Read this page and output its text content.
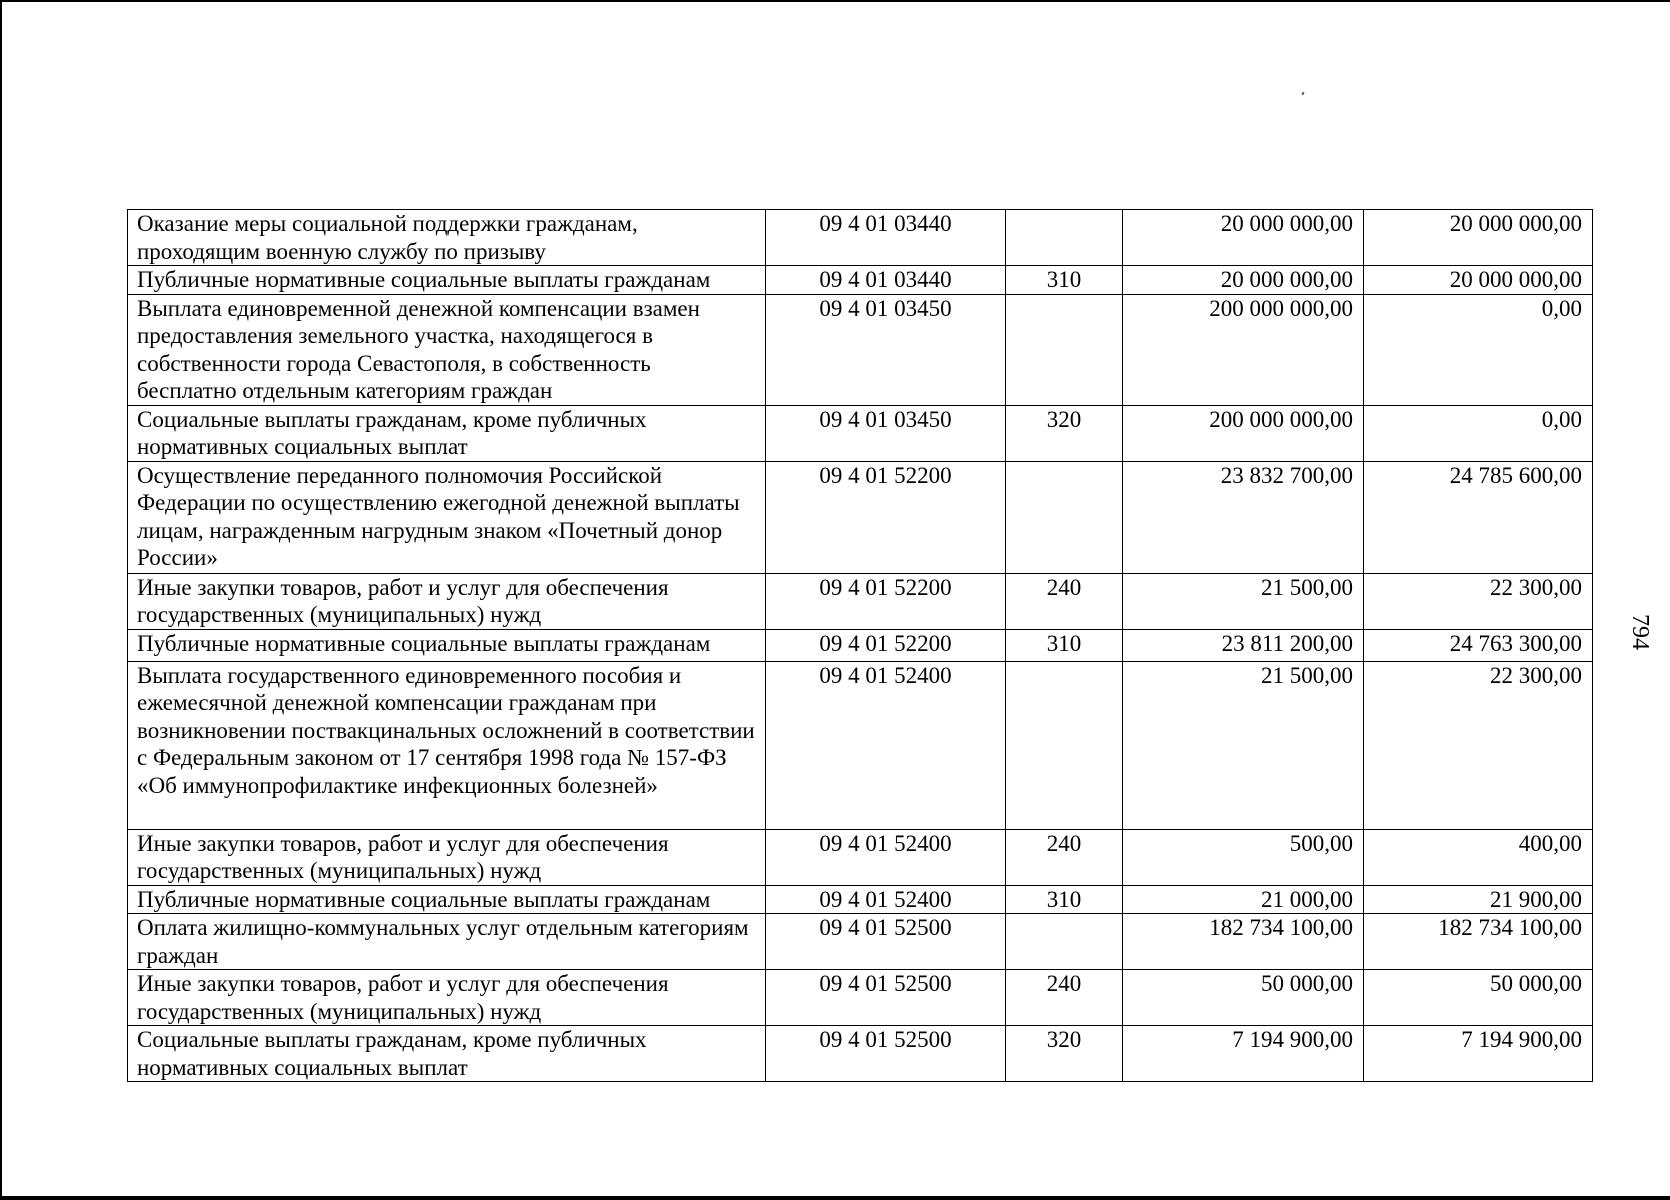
Оказание меры социальной поддержки гражданам, проходящим военную службу по призыву	09 4 01 03440		20 000 000,00	20 000 000,00
Публичные нормативные социальные выплаты гражданам	09 4 01 03440	310	20 000 000,00	20 000 000,00
Выплата единовременной денежной компенсации взамен предоставления земельного участка, находящегося в собственности города Севастополя, в собственность бесплатно отдельным категориям граждан	09 4 01 03450		200 000 000,00	0,00
Социальные выплаты гражданам, кроме публичных нормативных социальных выплат	09 4 01 03450	320	200 000 000,00	0,00
Осуществление переданного полномочия Российской Федерации по осуществлению ежегодной денежной выплаты лицам, награжденным нагрудным знаком «Почетный донор России»	09 4 01 52200		23 832 700,00	24 785 600,00
Иные закупки товаров, работ и услуг для обеспечения государственных (муниципальных) нужд	09 4 01 52200	240	21 500,00	22 300,00
Публичные нормативные социальные выплаты гражданам	09 4 01 52200	310	23 811 200,00	24 763 300,00
Выплата государственного единовременного пособия и ежемесячной денежной компенсации гражданам при возникновении поствакцинальных осложнений в соответствии с Федеральным законом от 17 сентября 1998 года № 157-ФЗ «Об иммунопрофилактике инфекционных болезней»	09 4 01 52400		21 500,00	22 300,00
Иные закупки товаров, работ и услуг для обеспечения государственных (муниципальных) нужд	09 4 01 52400	240	500,00	400,00
Публичные нормативные социальные выплаты гражданам	09 4 01 52400	310	21 000,00	21 900,00
Оплата жилищно-коммунальных услуг отдельным категориям граждан	09 4 01 52500		182 734 100,00	182 734 100,00
Иные закупки товаров, работ и услуг для обеспечения государственных (муниципальных) нужд	09 4 01 52500	240	50 000,00	50 000,00
Социальные выплаты гражданам, кроме публичных нормативных социальных выплат	09 4 01 52500	320	7 194 900,00	7 194 900,00
794
